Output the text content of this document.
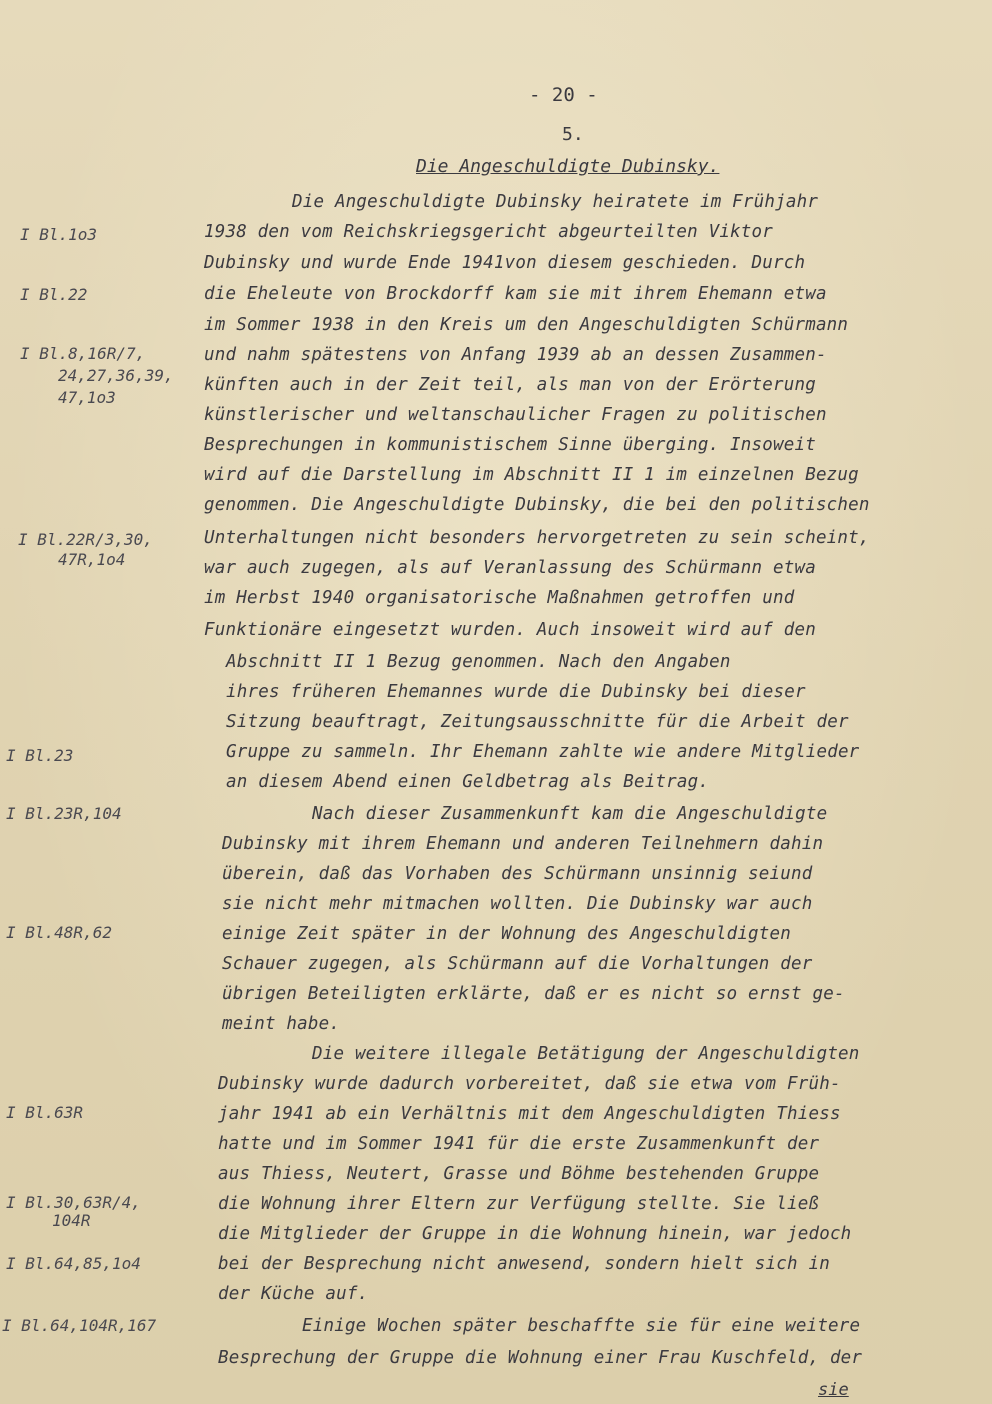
- 20 -
5.
Die Angeschuldigte Dubinsky.
I Bl.1o3
I Bl.22
I Bl.8,16R/7,
24,27,36,39,
47,1o3
I Bl.22R/3,30,
47R,1o4
I Bl.23
I Bl.23R,104
I Bl.48R,62
I Bl.63R
I Bl.30,63R/4,
104R
I Bl.64,85,1o4
I Bl.64,104R,167
Die Angeschuldigte Dubinsky heiratete im Frühjahr
1938 den vom Reichskriegsgericht abgeurteilten Viktor
Dubinsky und wurde Ende 1941von diesem geschieden. Durch
die Eheleute von Brockdorff kam sie mit ihrem Ehemann etwa
im Sommer 1938 in den Kreis um den Angeschuldigten Schürmann
und nahm spätestens von Anfang 1939 ab an dessen Zusammen-
künften auch in der Zeit teil, als man von der Erörterung
künstlerischer und weltanschaulicher Fragen zu politischen
Besprechungen in kommunistischem Sinne überging. Insoweit
wird auf die Darstellung im Abschnitt II 1 im einzelnen Bezug
genommen. Die Angeschuldigte Dubinsky, die bei den politischen
Unterhaltungen nicht besonders hervorgetreten zu sein scheint,
war auch zugegen, als auf Veranlassung des Schürmann etwa
im Herbst 1940 organisatorische Maßnahmen getroffen und
Funktionäre eingesetzt wurden. Auch insoweit wird auf den
Abschnitt II 1 Bezug genommen. Nach den Angaben
ihres früheren Ehemannes wurde die Dubinsky bei dieser
Sitzung beauftragt, Zeitungsausschnitte für die Arbeit der
Gruppe zu sammeln. Ihr Ehemann zahlte wie andere Mitglieder
an diesem Abend einen Geldbetrag als Beitrag.
Nach dieser Zusammenkunft kam die Angeschuldigte
Dubinsky mit ihrem Ehemann und anderen Teilnehmern dahin
überein, daß das Vorhaben des Schürmann unsinnig seiund
sie nicht mehr mitmachen wollten. Die Dubinsky war auch
einige Zeit später in der Wohnung des Angeschuldigten
Schauer zugegen, als Schürmann auf die Vorhaltungen der
übrigen Beteiligten erklärte, daß er es nicht so ernst ge-
meint habe.
Die weitere illegale Betätigung der Angeschuldigten
Dubinsky wurde dadurch vorbereitet, daß sie etwa vom Früh-
jahr 1941 ab ein Verhältnis mit dem Angeschuldigten Thiess
hatte und im Sommer 1941 für die erste Zusammenkunft der
aus Thiess, Neutert, Grasse und Böhme bestehenden Gruppe
die Wohnung ihrer Eltern zur Verfügung stellte. Sie ließ
die Mitglieder der Gruppe in die Wohnung hinein, war jedoch
bei der Besprechung nicht anwesend, sondern hielt sich in
der Küche auf.
Einige Wochen später beschaffte sie für eine weitere
Besprechung der Gruppe die Wohnung einer Frau Kuschfeld, der
sie
